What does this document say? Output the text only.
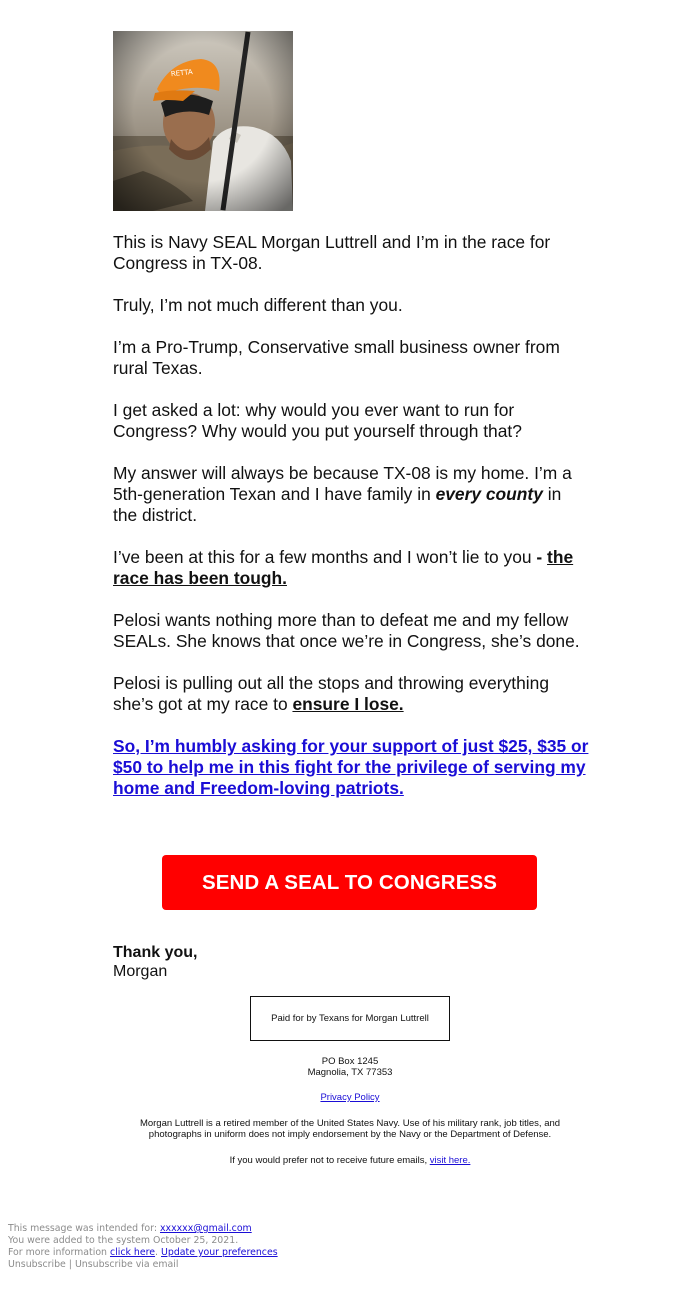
This is Navy SEAL Morgan Luttrell and I’m in the race for Congress in TX-08.

Truly, I’m not much different than you.

I’m a Pro-Trump, Conservative small business owner from rural Texas.

I get asked a lot: why would you ever want to run for Congress? Why would you put yourself through that?

My answer will always be because TX-08 is my home. I’m a 5th-generation Texan and I have family in every county in the district.

I’ve been at this for a few months and I won’t lie to you - the race has been tough.

Pelosi wants nothing more than to defeat me and my fellow SEALs. She knows that once we’re in Congress, she’s done.

Pelosi is pulling out all the stops and throwing everything she’s got at my race to ensure I lose.

So, I’m humbly asking for your support of just $25, $35 or $50 to help me in this fight for the privilege of serving my home and Freedom-loving patriots.

SEND A SEAL TO CONGRESS
Thank you,
Morgan
Paid for by Texans for Morgan Luttrell
PO Box 1245
Magnolia, TX 77353
Privacy Policy
Morgan Luttrell is a retired member of the United States Navy. Use of his military rank, job titles, and photographs in uniform does not imply endorsement by the Navy or the Department of Defense.
If you would prefer not to receive future emails, visit here.
This message was intended for: xxxxxx@gmail.com
You were added to the system October 25, 2021.
For more information click here. Update your preferences
Unsubscribe | Unsubscribe via email
